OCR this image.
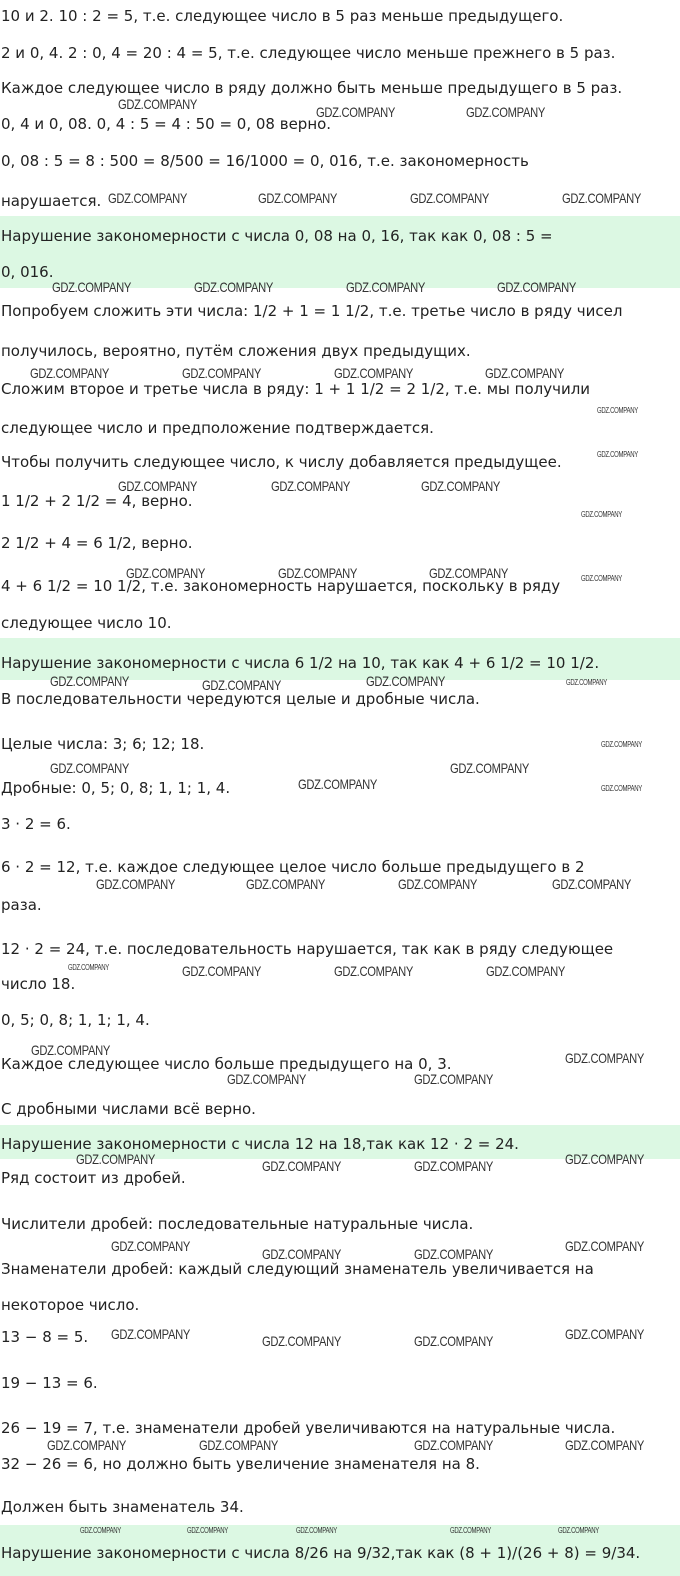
10 и 2. 10 : 2 = 5, т.е. следующее число в 5 раз меньше предыдущего.
2 и 0, 4. 2 : 0, 4 = 20 : 4 = 5, т.е. следующее число меньше прежнего в 5 раз.
Каждое следующее число в ряду должно быть меньше предыдущего в 5 раз.
0, 4 и 0, 08. 0, 4 : 5 = 4 : 50 = 0, 08 верно.
0, 08 : 5 = 8 : 500 = 8/500 = 16/1000 = 0, 016, т.е. закономерность
нарушается.
Нарушение закономерности с числа 0, 08 на 0, 16, так как 0, 08 : 5 =
0, 016.
Попробуем сложить эти числа: 1/2 + 1 = 1 1/2, т.е. третье число в ряду чисел
получилось, вероятно, путём сложения двух предыдущих.
Сложим второе и третье числа в ряду: 1 + 1 1/2 = 2 1/2, т.е. мы получили
следующее число и предположение подтверждается.
Чтобы получить следующее число, к числу добавляется предыдущее.
1 1/2 + 2 1/2 = 4, верно.
2 1/2 + 4 = 6 1/2, верно.
4 + 6 1/2 = 10 1/2, т.е. закономерность нарушается, поскольку в ряду
следующее число 10.
Нарушение закономерности с числа 6 1/2 на 10, так как 4 + 6 1/2 = 10 1/2.
В последовательности чередуются целые и дробные числа.
Целые числа: 3; 6; 12; 18.
Дробные: 0, 5; 0, 8; 1, 1; 1, 4.
3 · 2 = 6.
6 · 2 = 12, т.е. каждое следующее целое число больше предыдущего в 2
раза.
12 · 2 = 24, т.е. последовательность нарушается, так как в ряду следующее
число 18.
0, 5; 0, 8; 1, 1; 1, 4.
Каждое следующее число больше предыдущего на 0, 3.
С дробными числами всё верно.
Нарушение закономерности с числа 12 на 18,так как 12 · 2 = 24.
Ряд состоит из дробей.
Числители дробей: последовательные натуральные числа.
Знаменатели дробей: каждый следующий знаменатель увеличивается на
некоторое число.
13 − 8 = 5.
19 − 13 = 6.
26 − 19 = 7, т.е. знаменатели дробей увеличиваются на натуральные числа.
32 − 26 = 6, но должно быть увеличение знаменателя на 8.
Должен быть знаменатель 34.
Нарушение закономерности с числа 8/26 на 9/32,так как (8 + 1)/(26 + 8) = 9/34.
GDZ.COMPANY	GDZ.COMPANY	GDZ.COMPANY
GDZ.COMPANY	GDZ.COMPANY	GDZ.COMPANY	GDZ.COMPANY
GDZ.COMPANY	GDZ.COMPANY	GDZ.COMPANY	GDZ.COMPANY
GDZ.COMPANY	GDZ.COMPANY	GDZ.COMPANY	GDZ.COMPANY
GDZ.COMPANY	GDZ.COMPANY	GDZ.COMPANY
GDZ.COMPANY	GDZ.COMPANY	GDZ.COMPANY
GDZ.COMPANY	GDZ.COMPANY	GDZ.COMPANY
GDZ.COMPANY	GDZ.COMPANY
GDZ.COMPANY
GDZ.COMPANY	GDZ.COMPANY	GDZ.COMPANY	GDZ.COMPANY
GDZ.COMPANY	GDZ.COMPANY	GDZ.COMPANY
GDZ.COMPANY	GDZ.COMPANY
GDZ.COMPANY	GDZ.COMPANY
GDZ.COMPANY	GDZ.COMPANY
GDZ.COMPANY	GDZ.COMPANY
GDZ.COMPANY	GDZ.COMPANY
GDZ.COMPANY	GDZ.COMPANY
GDZ.COMPANY	GDZ.COMPANY
GDZ.COMPANY	GDZ.COMPANY
GDZ.COMPANY	GDZ.COMPANY	GDZ.COMPANY	GDZ.COMPANY
GDZ.COMPANY
GDZ.COMPANY
GDZ.COMPANY
GDZ.COMPANY
GDZ.COMPANY
GDZ.COMPANY
GDZ.COMPANY
GDZ.COMPANY
GDZ.COMPANY	GDZ.COMPANY	GDZ.COMPANY	GDZ.COMPANY	GDZ.COMPANY
